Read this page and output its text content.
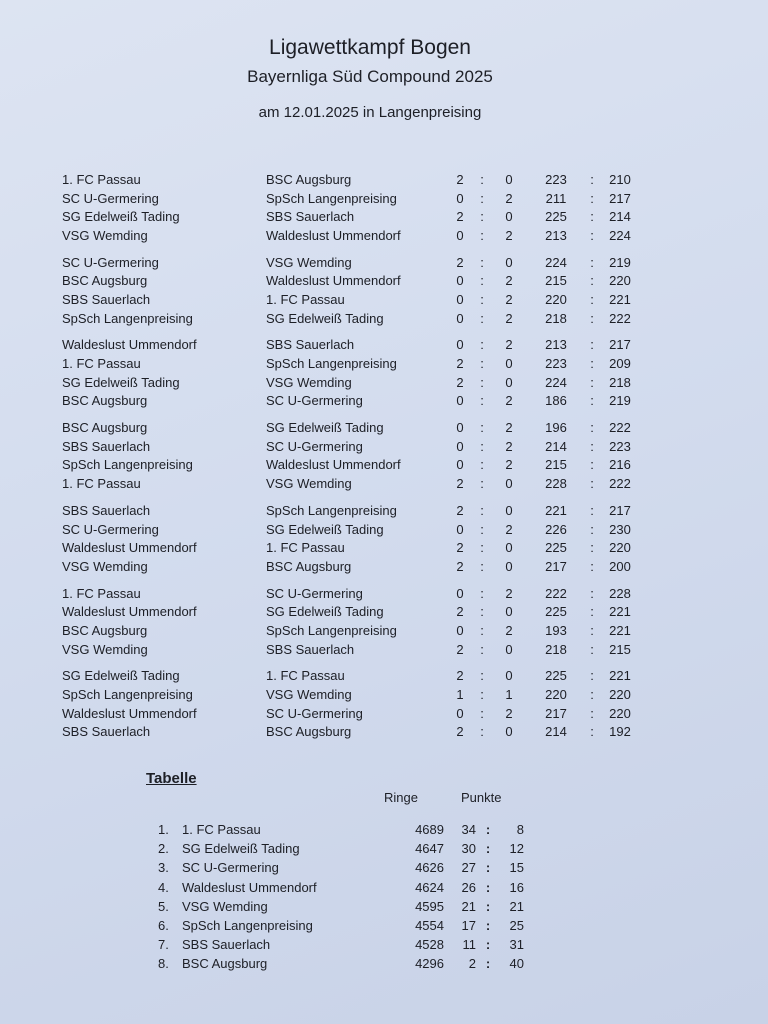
Ligawettkampf Bogen
Bayernliga Süd Compound 2025
am 12.01.2025 in Langenpreising
1. FC Passau	BSC Augsburg	2	:	0	223	:	210
SC U-Germering	SpSch Langenpreising	0	:	2	211	:	217
SG Edelweiß Tading	SBS Sauerlach	2	:	0	225	:	214
VSG Wemding	Waldeslust Ummendorf	0	:	2	213	:	224
SC U-Germering	VSG Wemding	2	:	0	224	:	219
BSC Augsburg	Waldeslust Ummendorf	0	:	2	215	:	220
SBS Sauerlach	1. FC Passau	0	:	2	220	:	221
SpSch Langenpreising	SG Edelweiß Tading	0	:	2	218	:	222
Waldeslust Ummendorf	SBS Sauerlach	0	:	2	213	:	217
1. FC Passau	SpSch Langenpreising	2	:	0	223	:	209
SG Edelweiß Tading	VSG Wemding	2	:	0	224	:	218
BSC Augsburg	SC U-Germering	0	:	2	186	:	219
BSC Augsburg	SG Edelweiß Tading	0	:	2	196	:	222
SBS Sauerlach	SC U-Germering	0	:	2	214	:	223
SpSch Langenpreising	Waldeslust Ummendorf	0	:	2	215	:	216
1. FC Passau	VSG Wemding	2	:	0	228	:	222
SBS Sauerlach	SpSch Langenpreising	2	:	0	221	:	217
SC U-Germering	SG Edelweiß Tading	0	:	2	226	:	230
Waldeslust Ummendorf	1. FC Passau	2	:	0	225	:	220
VSG Wemding	BSC Augsburg	2	:	0	217	:	200
1. FC Passau	SC U-Germering	0	:	2	222	:	228
Waldeslust Ummendorf	SG Edelweiß Tading	2	:	0	225	:	221
BSC Augsburg	SpSch Langenpreising	0	:	2	193	:	221
VSG Wemding	SBS Sauerlach	2	:	0	218	:	215
SG Edelweiß Tading	1. FC Passau	2	:	0	225	:	221
SpSch Langenpreising	VSG Wemding	1	:	1	220	:	220
Waldeslust Ummendorf	SC U-Germering	0	:	2	217	:	220
SBS Sauerlach	BSC Augsburg	2	:	0	214	:	192
Tabelle
Ringe	Punkte
1.	1. FC Passau	4689	34 :	8
2.	SG Edelweiß Tading	4647	30 :	12
3.	SC U-Germering	4626	27 :	15
4.	Waldeslust Ummendorf	4624	26 :	16
5.	VSG Wemding	4595	21 :	21
6.	SpSch Langenpreising	4554	17 :	25
7.	SBS Sauerlach	4528	11 :	31
8.	BSC Augsburg	4296	2 :	40
